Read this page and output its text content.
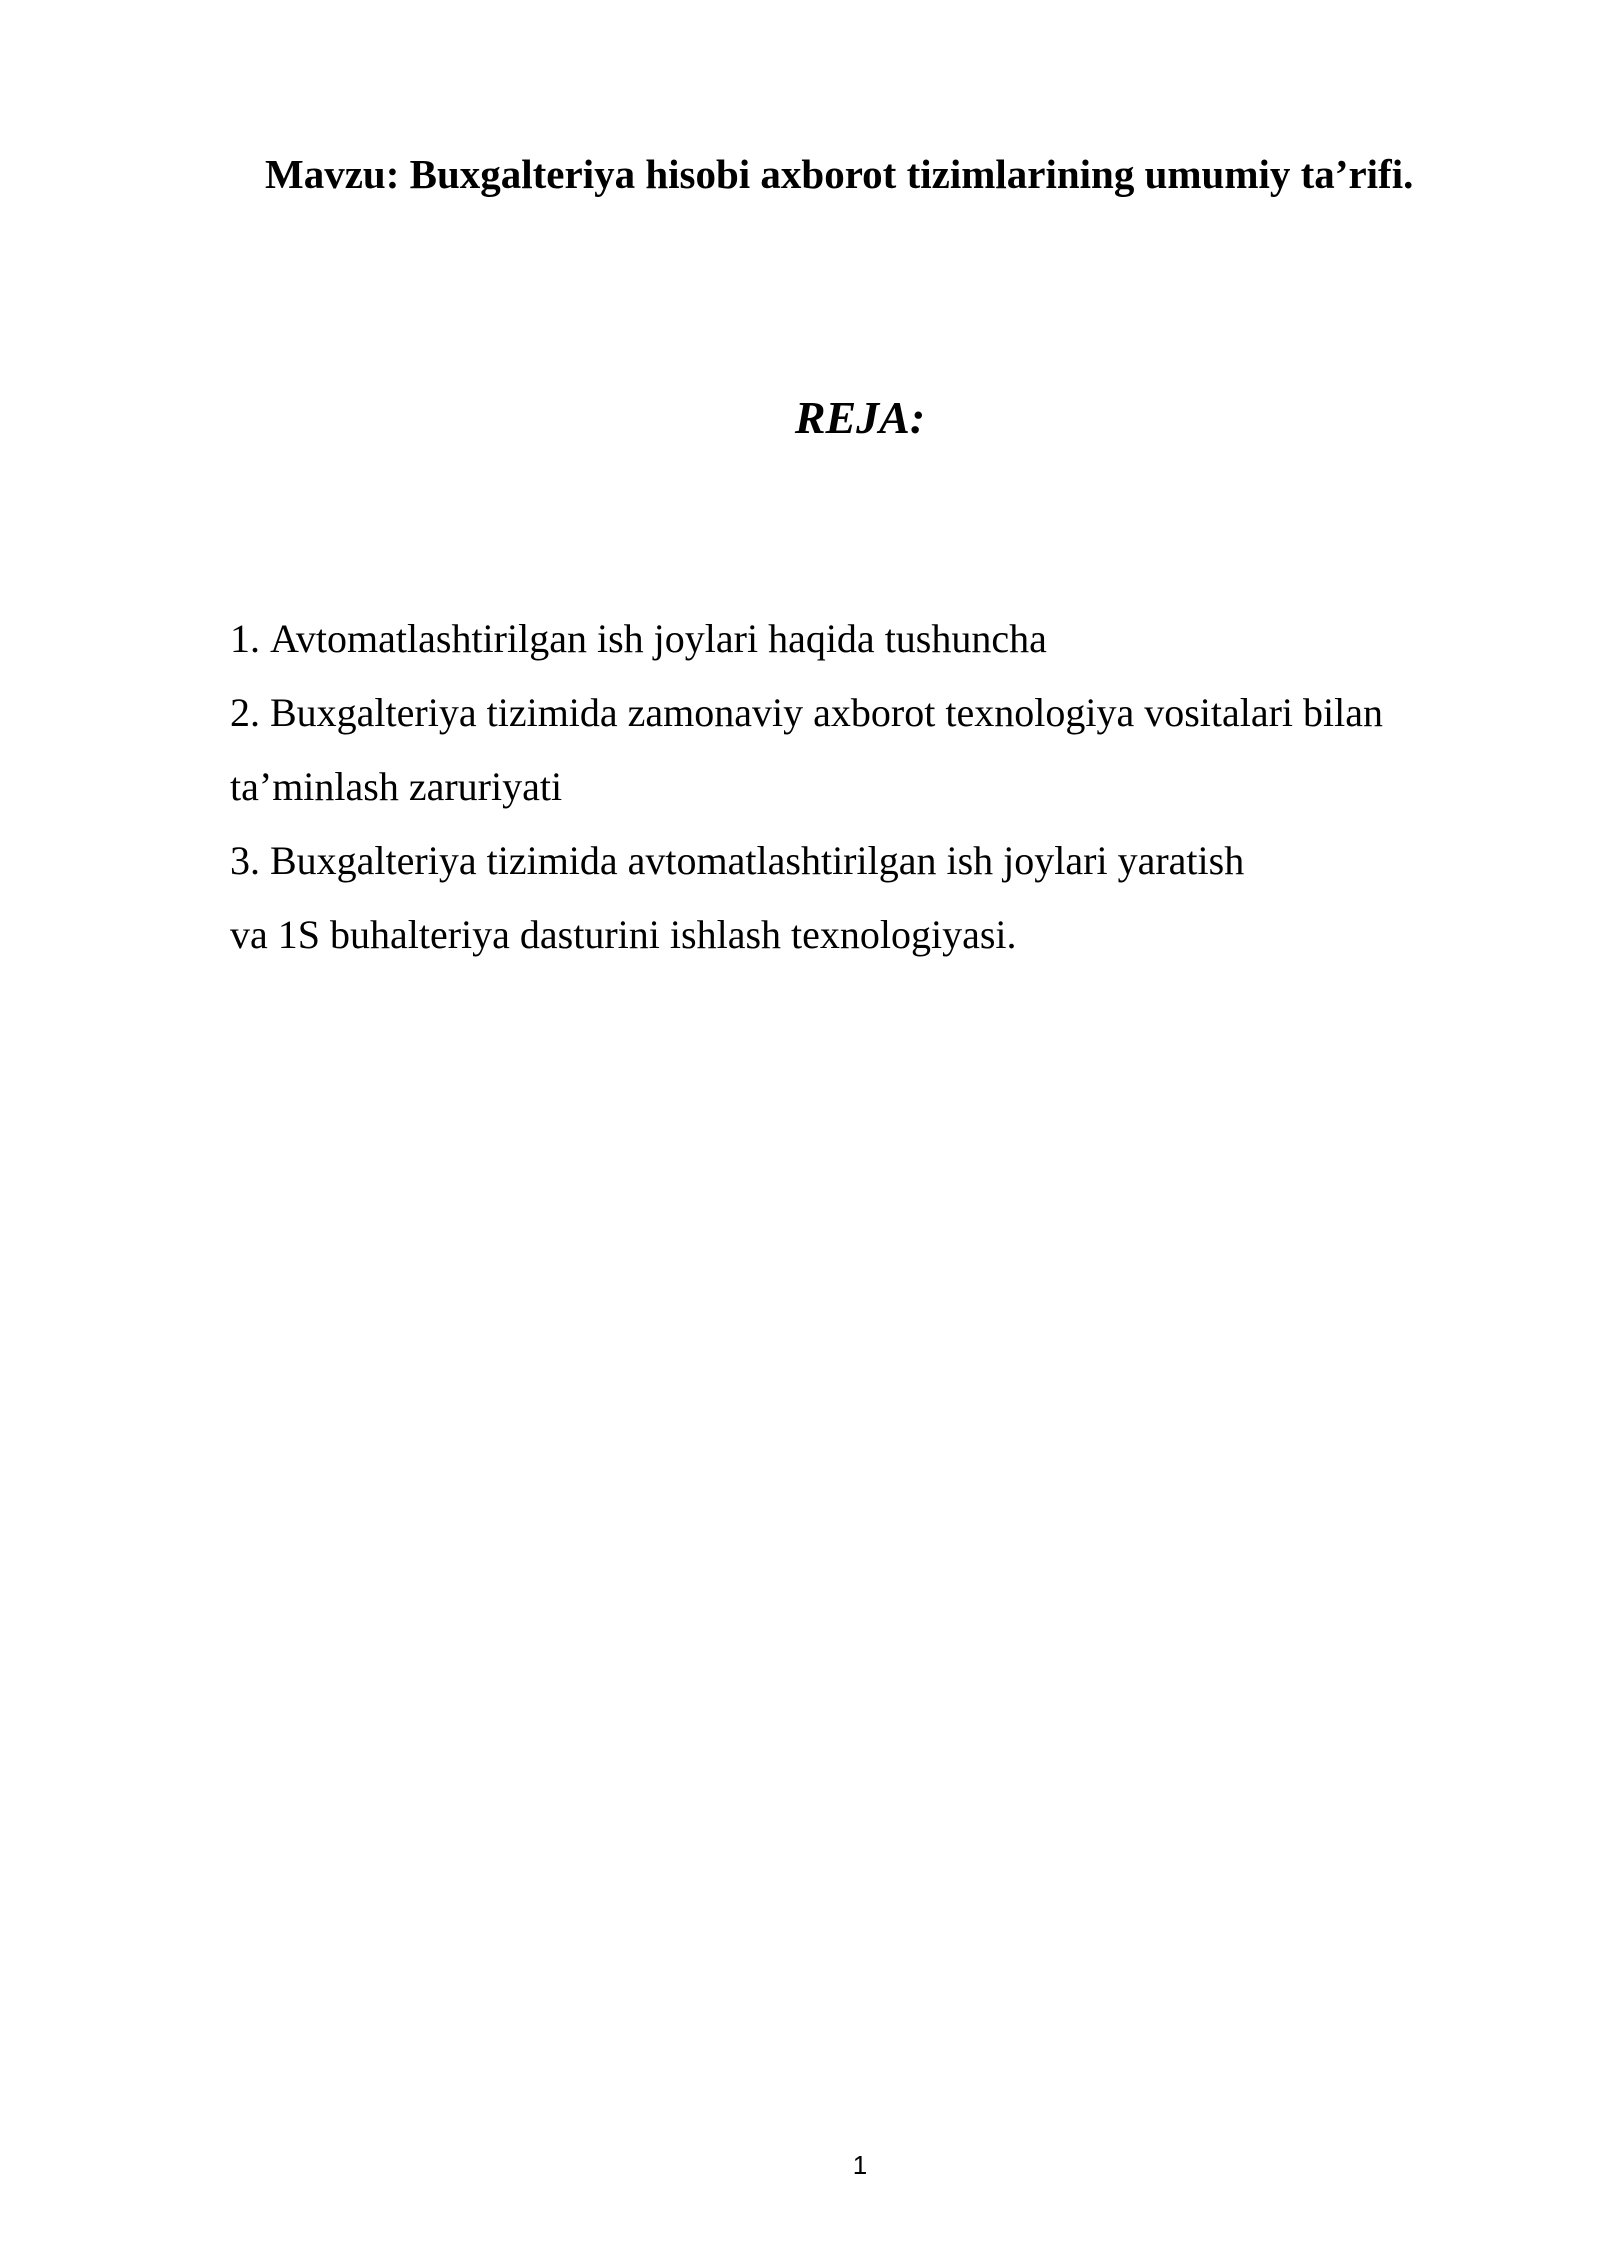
Mavzu: Buxgalteriya hisobi axborot tizimlarining umumiy ta’rifi.
REJA:
1. Avtomatlashtirilgan ish joylari haqida tushuncha
2. Buxgalteriya tizimida zamonaviy axborot texnologiya vositalari bilan
ta’minlash zaruriyati
3. Buxgalteriya tizimida avtomatlashtirilgan ish joylari yaratish
va 1S buhalteriya dasturini ishlash texnologiyasi.

1
